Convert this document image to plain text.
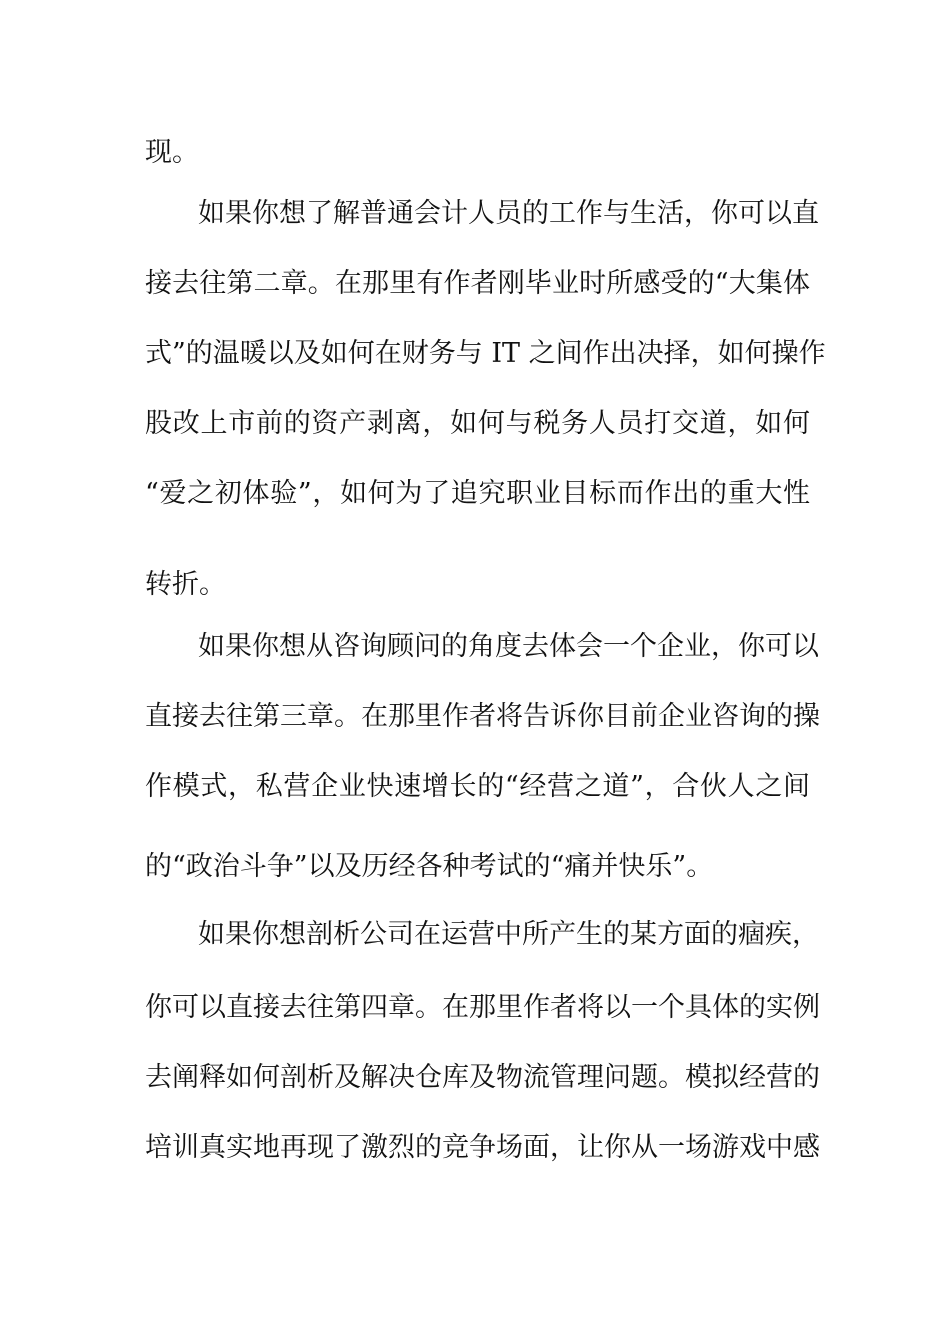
现。
如果你想了解普通会计人员的工作与生活，你可以直
接去往第二章。在那里有作者刚毕业时所感受的“大集体
式”的温暖以及如何在财务与 IT 之间作出决择，如何操作
股改上市前的资产剥离，如何与税务人员打交道，如何
“爱之初体验”，如何为了追究职业目标而作出的重大性
转折。
如果你想从咨询顾问的角度去体会一个企业，你可以
直接去往第三章。在那里作者将告诉你目前企业咨询的操
作模式，私营企业快速增长的“经营之道”，合伙人之间
的“政治斗争”以及历经各种考试的“痛并快乐”。
如果你想剖析公司在运营中所产生的某方面的痼疾，
你可以直接去往第四章。在那里作者将以一个具体的实例
去阐释如何剖析及解决仓库及物流管理问题。模拟经营的
培训真实地再现了激烈的竞争场面，让你从一场游戏中感
